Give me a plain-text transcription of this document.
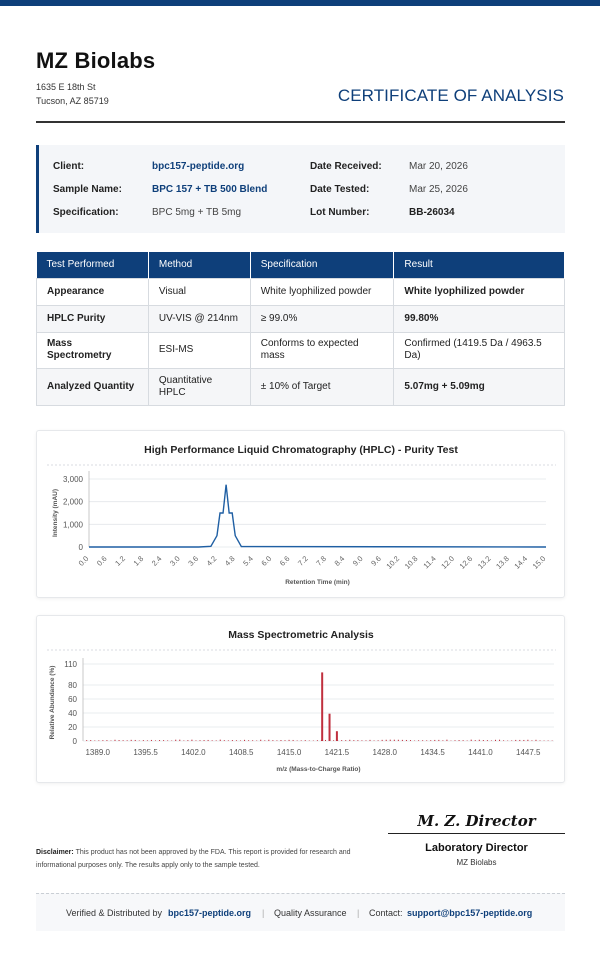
MZ Biolabs
1635 E 18th St
Tucson, AZ 85719	CERTIFICATE OF ANALYSIS
Client:	bpc157-peptide.org
Sample Name:	BPC 157 + TB 500 Blend
Specification:	BPC 5mg + TB 5mg
Date Received:	Mar 20, 2026
Date Tested:	Mar 25, 2026
Lot Number:	BB-26034
Test Performed	Method	Specification	Result
Appearance	Visual	White lyophilized powder	White lyophilized powder
HPLC Purity	UV-VIS @ 214nm	≥ 99.0%	99.80%
Mass Spectrometry	ESI-MS	Conforms to expected mass	Confirmed (1419.5 Da / 4963.5 Da)
Analyzed Quantity	Quantitative HPLC	± 10% of Target	5.07mg + 5.09mg
High Performance Liquid Chromatography (HPLC) - Purity Test
0
1,000
2,000
3,000
0.0 0.6 1.2 1.8 2.4 3.0 3.6 4.2 4.8 5.4 6.0 6.6 7.2 7.8 8.4 9.0 9.6 10.2 10.8 11.4 12.0 12.6 13.2 13.8 14.4 15.0
Retention Time (min)
Intensity (mAU)
Mass Spectrometric Analysis
0
20
40
60
80
110
1389.0	1395.5	1402.0	1408.5	1415.0	1421.5	1428.0	1434.5	1441.0	1447.5
m/z (Mass-to-Charge Ratio)
Relative Abundance (%)
Disclaimer: This product has not been approved by the FDA. This report is provided for research and informational purposes only. The results apply only to the sample tested.
M. Z. Director
Laboratory Director
MZ Biolabs
Verified & Distributed by bpc157-peptide.org | Quality Assurance | Contact: support@bpc157-peptide.org
